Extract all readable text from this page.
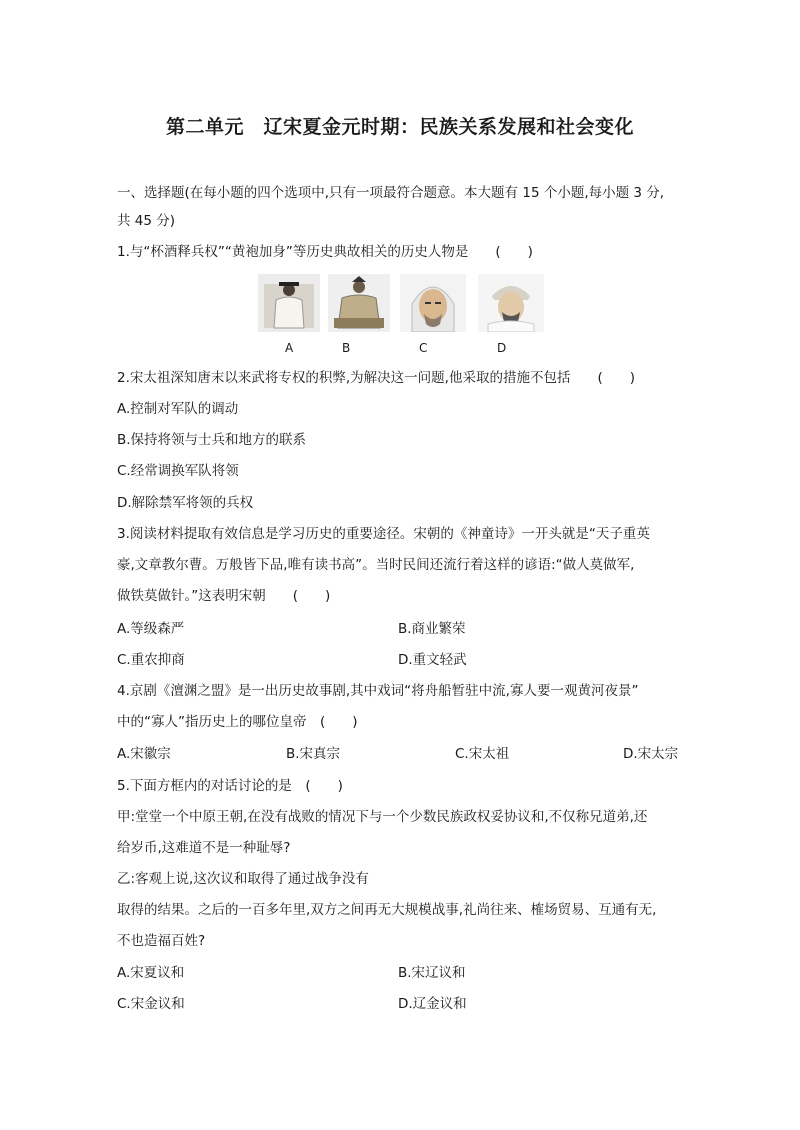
第二单元　辽宋夏金元时期：民族关系发展和社会变化
一、选择题(在每小题的四个选项中,只有一项最符合题意。本大题有 15 个小题,每小题 3 分,
共 45 分)
1.与“杯酒释兵权”“黄袍加身”等历史典故相关的历史人物是　　(　　)
A	B	C	D
2.宋太祖深知唐末以来武将专权的积弊,为解决这一问题,他采取的措施不包括　　(　　)
A.控制对军队的调动
B.保持将领与士兵和地方的联系
C.经常调换军队将领
D.解除禁军将领的兵权
3.阅读材料提取有效信息是学习历史的重要途径。宋朝的《神童诗》一开头就是“天子重英
豪,文章教尔曹。万般皆下品,唯有读书高”。当时民间还流行着这样的谚语:“做人莫做军,
做铁莫做针。”这表明宋朝　　(　　)
A.等级森严	B.商业繁荣
C.重农抑商	D.重文轻武
4.京剧《澶渊之盟》是一出历史故事剧,其中戏词“将舟船暂驻中流,寡人要一观黄河夜景”
中的“寡人”指历史上的哪位皇帝　(　　)
A.宋徽宗	B.宋真宗	C.宋太祖	D.宋太宗
5.下面方框内的对话讨论的是　(　　)
甲:堂堂一个中原王朝,在没有战败的情况下与一个少数民族政权妥协议和,不仅称兄道弟,还
给岁币,这难道不是一种耻辱?
乙:客观上说,这次议和取得了通过战争没有
取得的结果。之后的一百多年里,双方之间再无大规模战事,礼尚往来、榷场贸易、互通有无,
不也造福百姓?
A.宋夏议和	B.宋辽议和
C.宋金议和	D.辽金议和
